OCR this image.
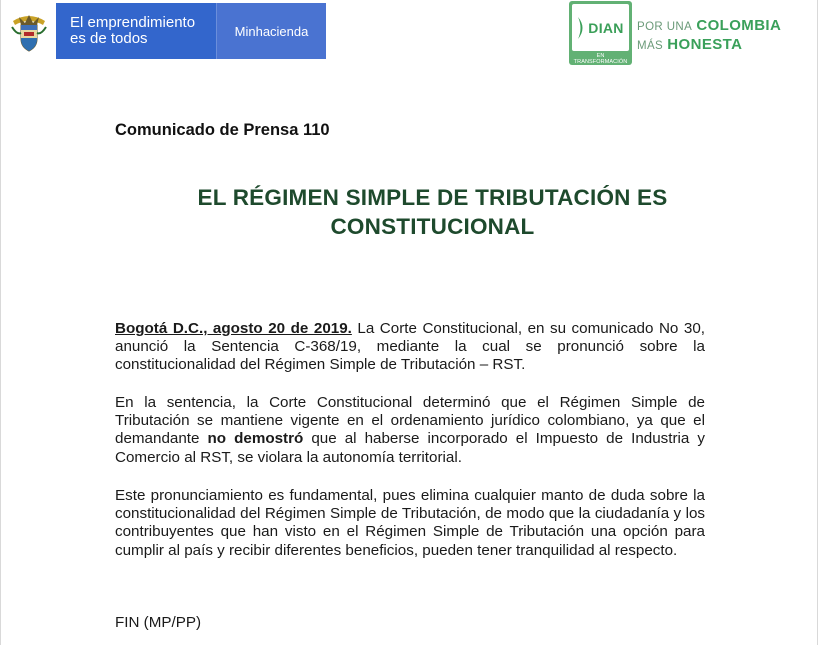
El emprendimiento
es de todos	Minhacienda	DIAN
EN TRANSFORMACIÓN
POR UNA COLOMBIA
MÁS HONESTA
Comunicado de Prensa 110
EL RÉGIMEN SIMPLE DE TRIBUTACIÓN ES
CONSTITUCIONAL
Bogotá D.C., agosto 20 de 2019. La Corte Constitucional, en su comunicado No 30, anunció la Sentencia C-368/19, mediante la cual se pronunció sobre la constitucionalidad del Régimen Simple de Tributación – RST.
En la sentencia, la Corte Constitucional determinó que el Régimen Simple de Tributación se mantiene vigente en el ordenamiento jurídico colombiano, ya que el demandante no demostró que al haberse incorporado el Impuesto de Industria y Comercio al RST, se violara la autonomía territorial.
Este pronunciamiento es fundamental, pues elimina cualquier manto de duda sobre la constitucionalidad del Régimen Simple de Tributación, de modo que la ciudadanía y los contribuyentes que han visto en el Régimen Simple de Tributación una opción para cumplir al país y recibir diferentes beneficios, pueden tener tranquilidad al respecto.
FIN (MP/PP)
